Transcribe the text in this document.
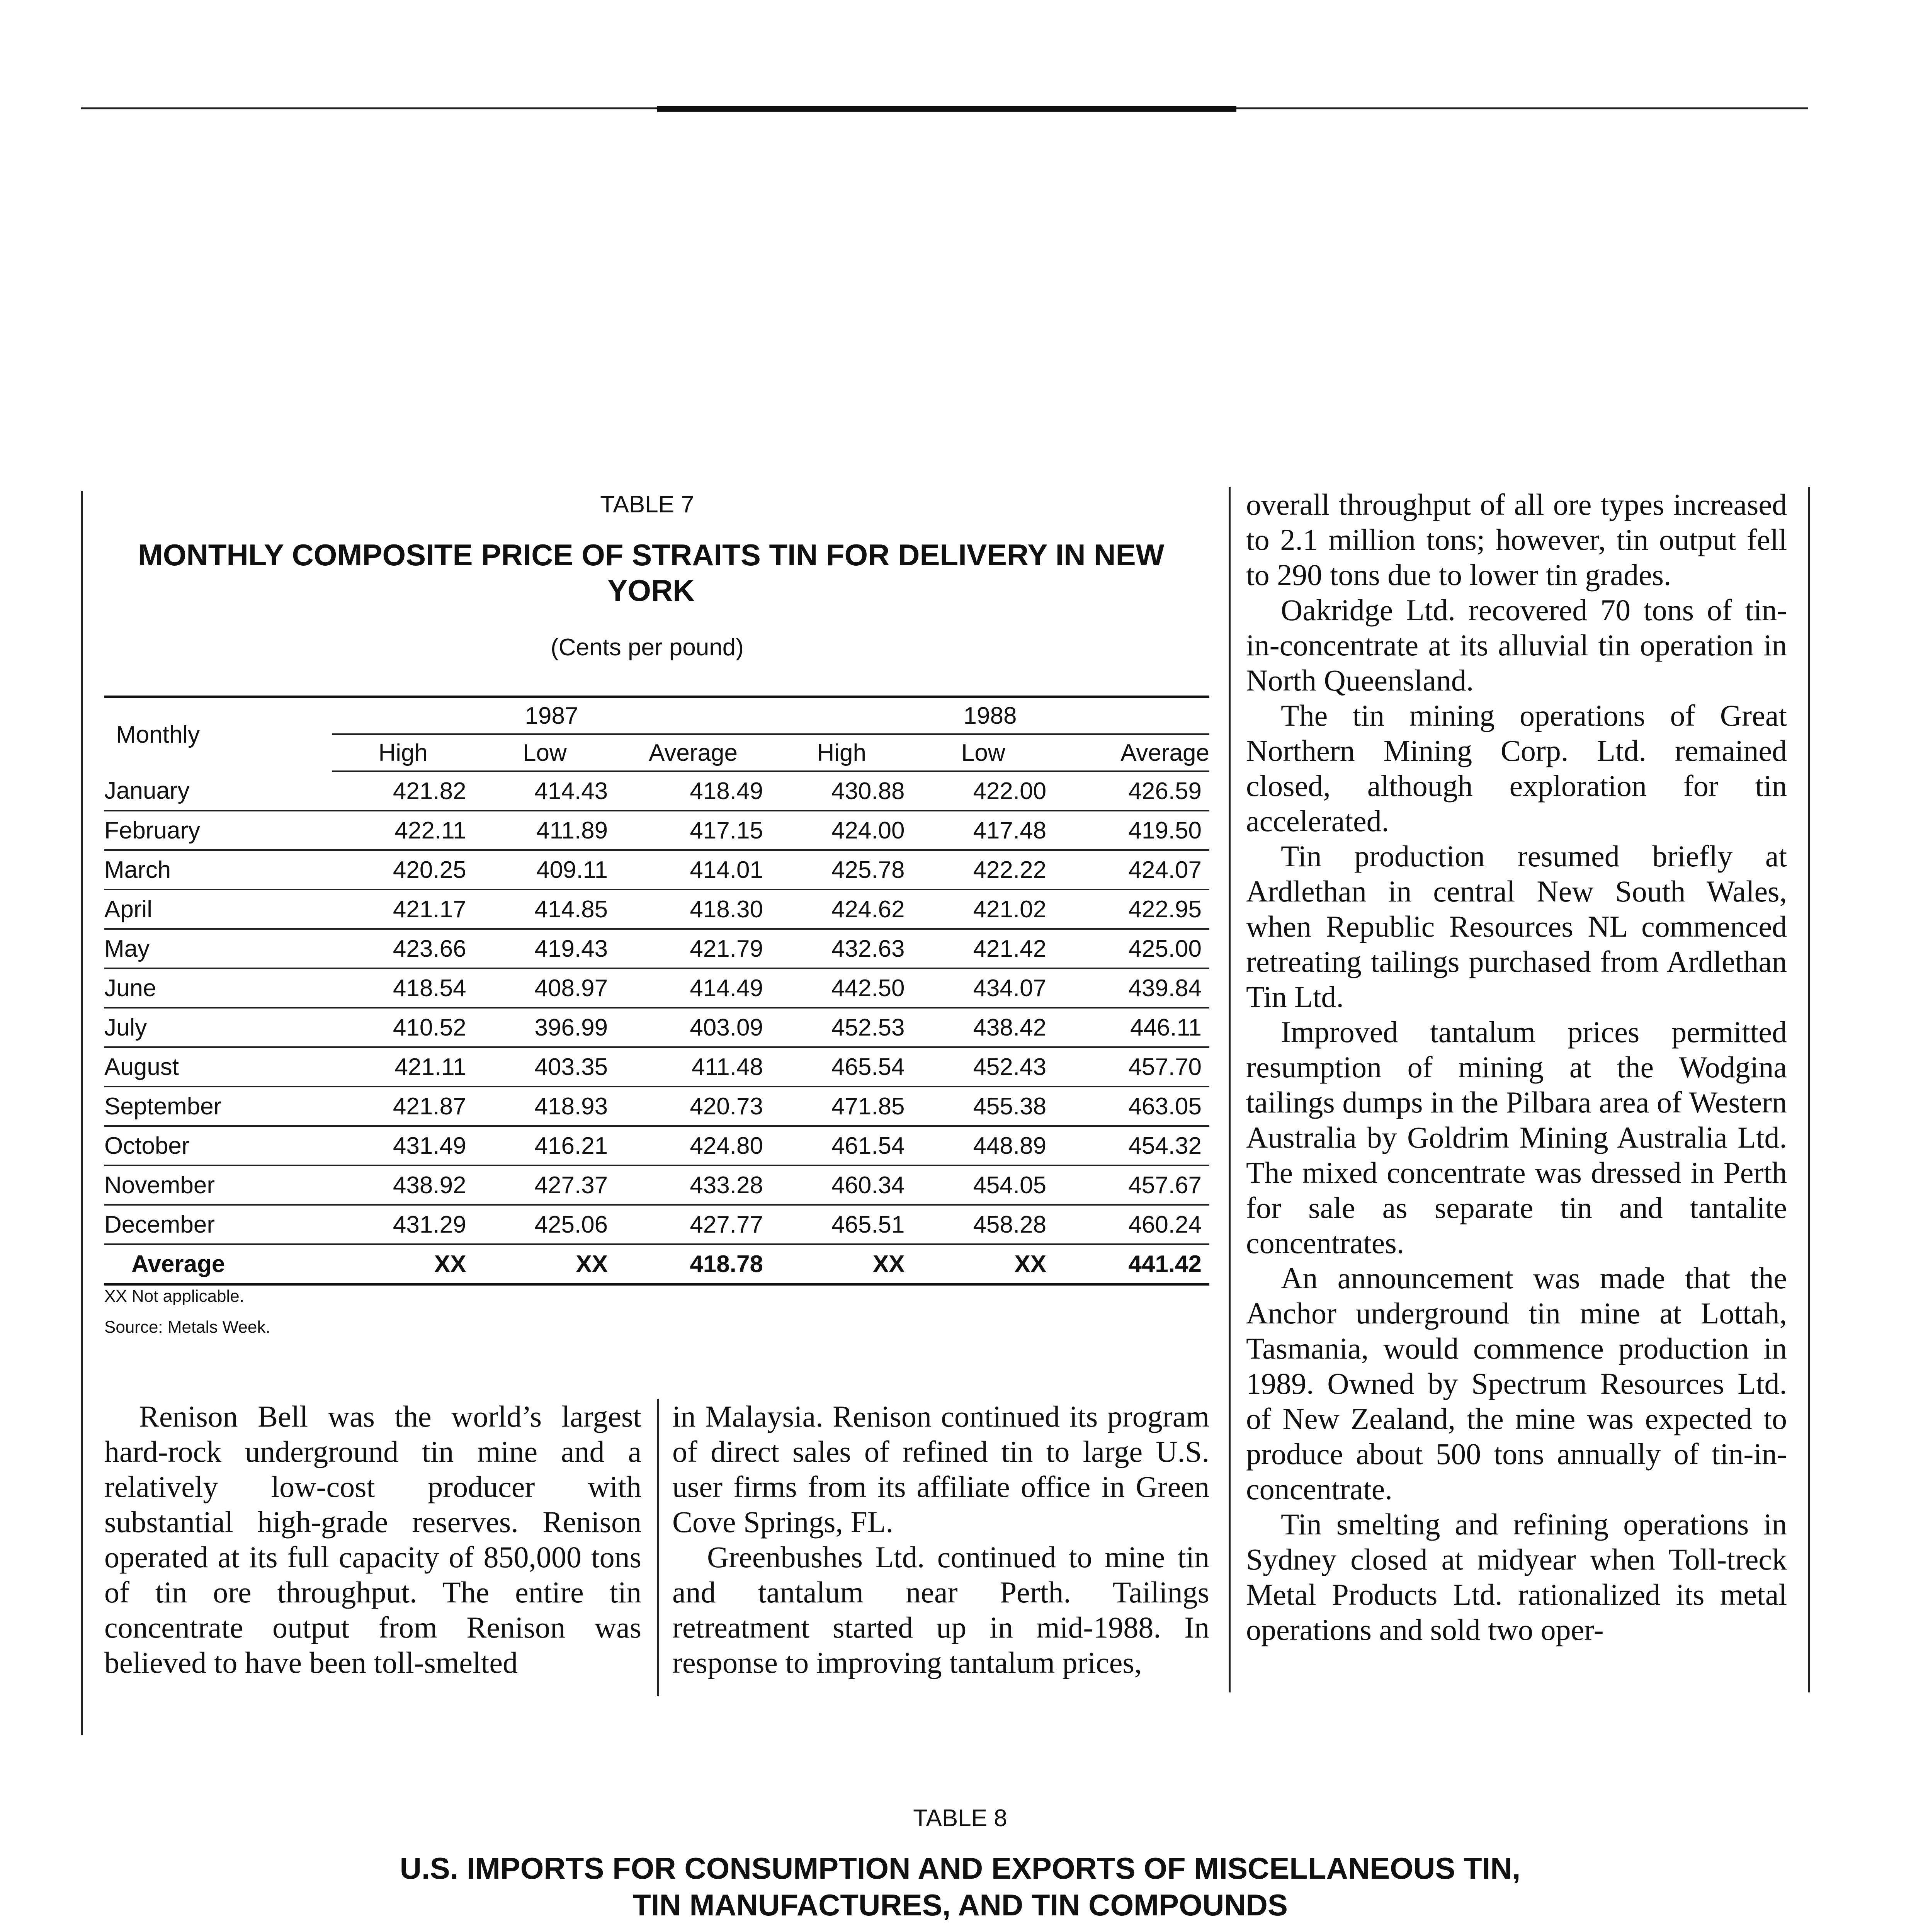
TABLE 7
MONTHLY COMPOSITE PRICE OF STRAITS TIN FOR DELIVERY IN NEW YORK
(Cents per pound)
Monthly	1987			1988		
	High	Low	Average	High	Low	Average
January	421.82	414.43	418.49	430.88	422.00	426.59
February	422.11	411.89	417.15	424.00	417.48	419.50
March	420.25	409.11	414.01	425.78	422.22	424.07
April	421.17	414.85	418.30	424.62	421.02	422.95
May	423.66	419.43	421.79	432.63	421.42	425.00
June	418.54	408.97	414.49	442.50	434.07	439.84
July	410.52	396.99	403.09	452.53	438.42	446.11
August	421.11	403.35	411.48	465.54	452.43	457.70
September	421.87	418.93	420.73	471.85	455.38	463.05
October	431.49	416.21	424.80	461.54	448.89	454.32
November	438.92	427.37	433.28	460.34	454.05	457.67
December	431.29	425.06	427.77	465.51	458.28	460.24
Average	XX	XX	418.78	XX	XX	441.42
XX Not applicable.
Source: Metals Week.

Renison Bell was the world’s largest hard-rock underground tin mine and a relatively low-cost producer with substantial high-grade reserves. Renison operated at its full capacity of 850,000 tons of tin ore throughput. The entire tin concentrate output from Renison was believed to have been toll-smelted

in Malaysia. Renison continued its program of direct sales of refined tin to large U.S. user firms from its affiliate office in Green Cove Springs, FL.

Greenbushes Ltd. continued to mine tin and tantalum near Perth. Tailings retreatment started up in mid-1988. In response to improving tantalum prices,

overall throughput of all ore types increased to 2.1 million tons; however, tin output fell to 290 tons due to lower tin grades.

Oakridge Ltd. recovered 70 tons of tin-in-concentrate at its alluvial tin operation in North Queensland.

The tin mining operations of Great Northern Mining Corp. Ltd. remained closed, although exploration for tin accelerated.

Tin production resumed briefly at Ardlethan in central New South Wales, when Republic Resources NL commenced retreating tailings purchased from Ardlethan Tin Ltd.

Improved tantalum prices permitted resumption of mining at the Wodgina tailings dumps in the Pilbara area of Western Australia by Goldrim Mining Australia Ltd. The mixed concentrate was dressed in Perth for sale as separate tin and tantalite concentrates.

An announcement was made that the Anchor underground tin mine at Lottah, Tasmania, would commence production in 1989. Owned by Spectrum Resources Ltd. of New Zealand, the mine was expected to produce about 500 tons annually of tin-in-concentrate.

Tin smelting and refining operations in Sydney closed at midyear when Toll-treck Metal Products Ltd. rationalized its metal operations and sold two oper-

TABLE 8
U.S. IMPORTS FOR CONSUMPTION AND EXPORTS OF MISCELLANEOUS TIN,
TIN MANUFACTURES, AND TIN COMPOUNDS
